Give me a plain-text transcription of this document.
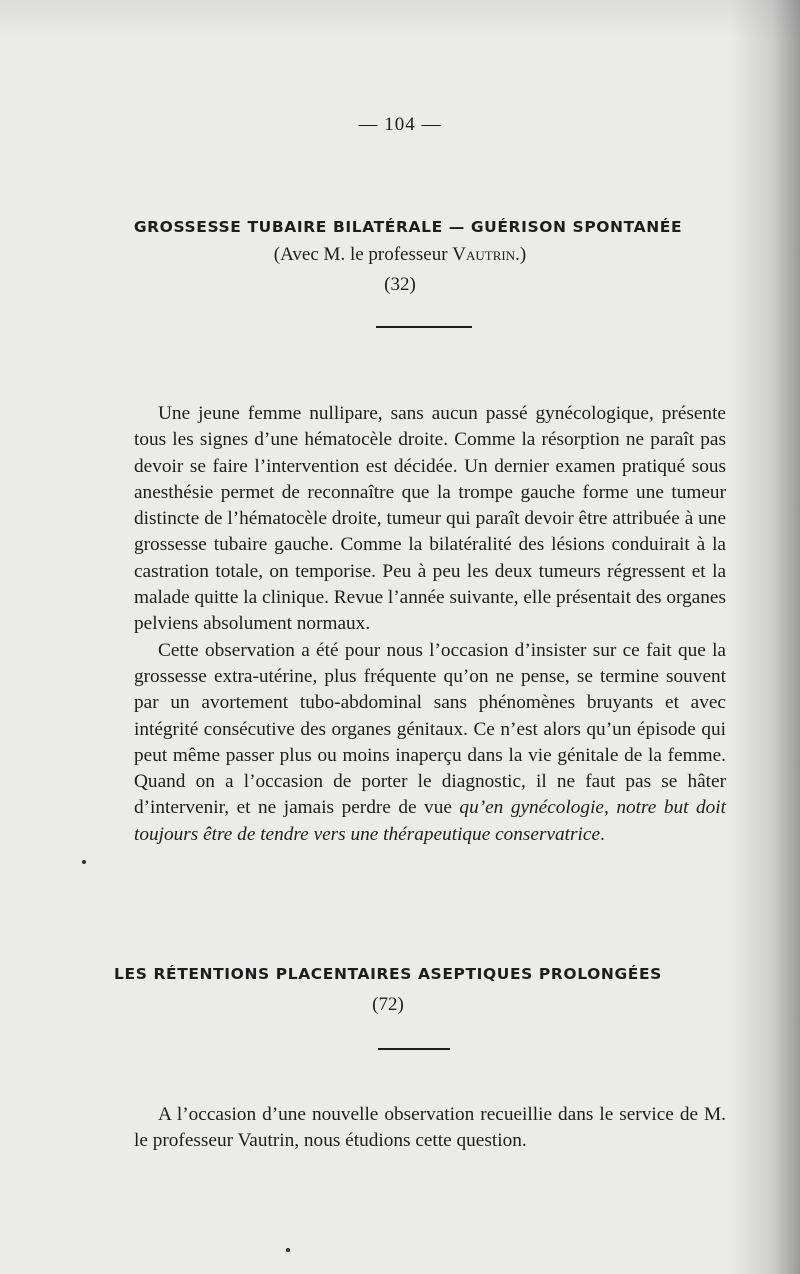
— 104 —
GROSSESSE TUBAIRE BILATÉRALE — GUÉRISON SPONTANÉE
(Avec M. le professeur Vautrin.)
(32)

Une jeune femme nullipare, sans aucun passé gynécologique, présente tous les signes d’une hématocèle droite. Comme la résorption ne paraît pas devoir se faire l’intervention est décidée. Un dernier examen pratiqué sous anesthésie permet de reconnaître que la trompe gauche forme une tumeur distincte de l’hématocèle droite, tumeur qui paraît devoir être attribuée à une grossesse tubaire gauche. Comme la bilatéralité des lésions conduirait à la castration totale, on temporise. Peu à peu les deux tumeurs régressent et la malade quitte la clinique. Revue l’année suivante, elle présentait des organes pelviens absolument normaux.

Cette observation a été pour nous l’occasion d’insister sur ce fait que la grossesse extra-utérine, plus fréquente qu’on ne pense, se termine souvent par un avortement tubo-abdominal sans phénomènes bruyants et avec intégrité consécutive des organes génitaux. Ce n’est alors qu’un épisode qui peut même passer plus ou moins inaperçu dans la vie génitale de la femme. Quand on a l’occasion de porter le diagnostic, il ne faut pas se hâter d’intervenir, et ne jamais perdre de vue qu’en gynécologie, notre but doit toujours être de tendre vers une thérapeutique conservatrice.

LES RÉTENTIONS PLACENTAIRES ASEPTIQUES PROLONGÉES
(72)

A l’occasion d’une nouvelle observation recueillie dans le service de M. le professeur Vautrin, nous étudions cette question.
